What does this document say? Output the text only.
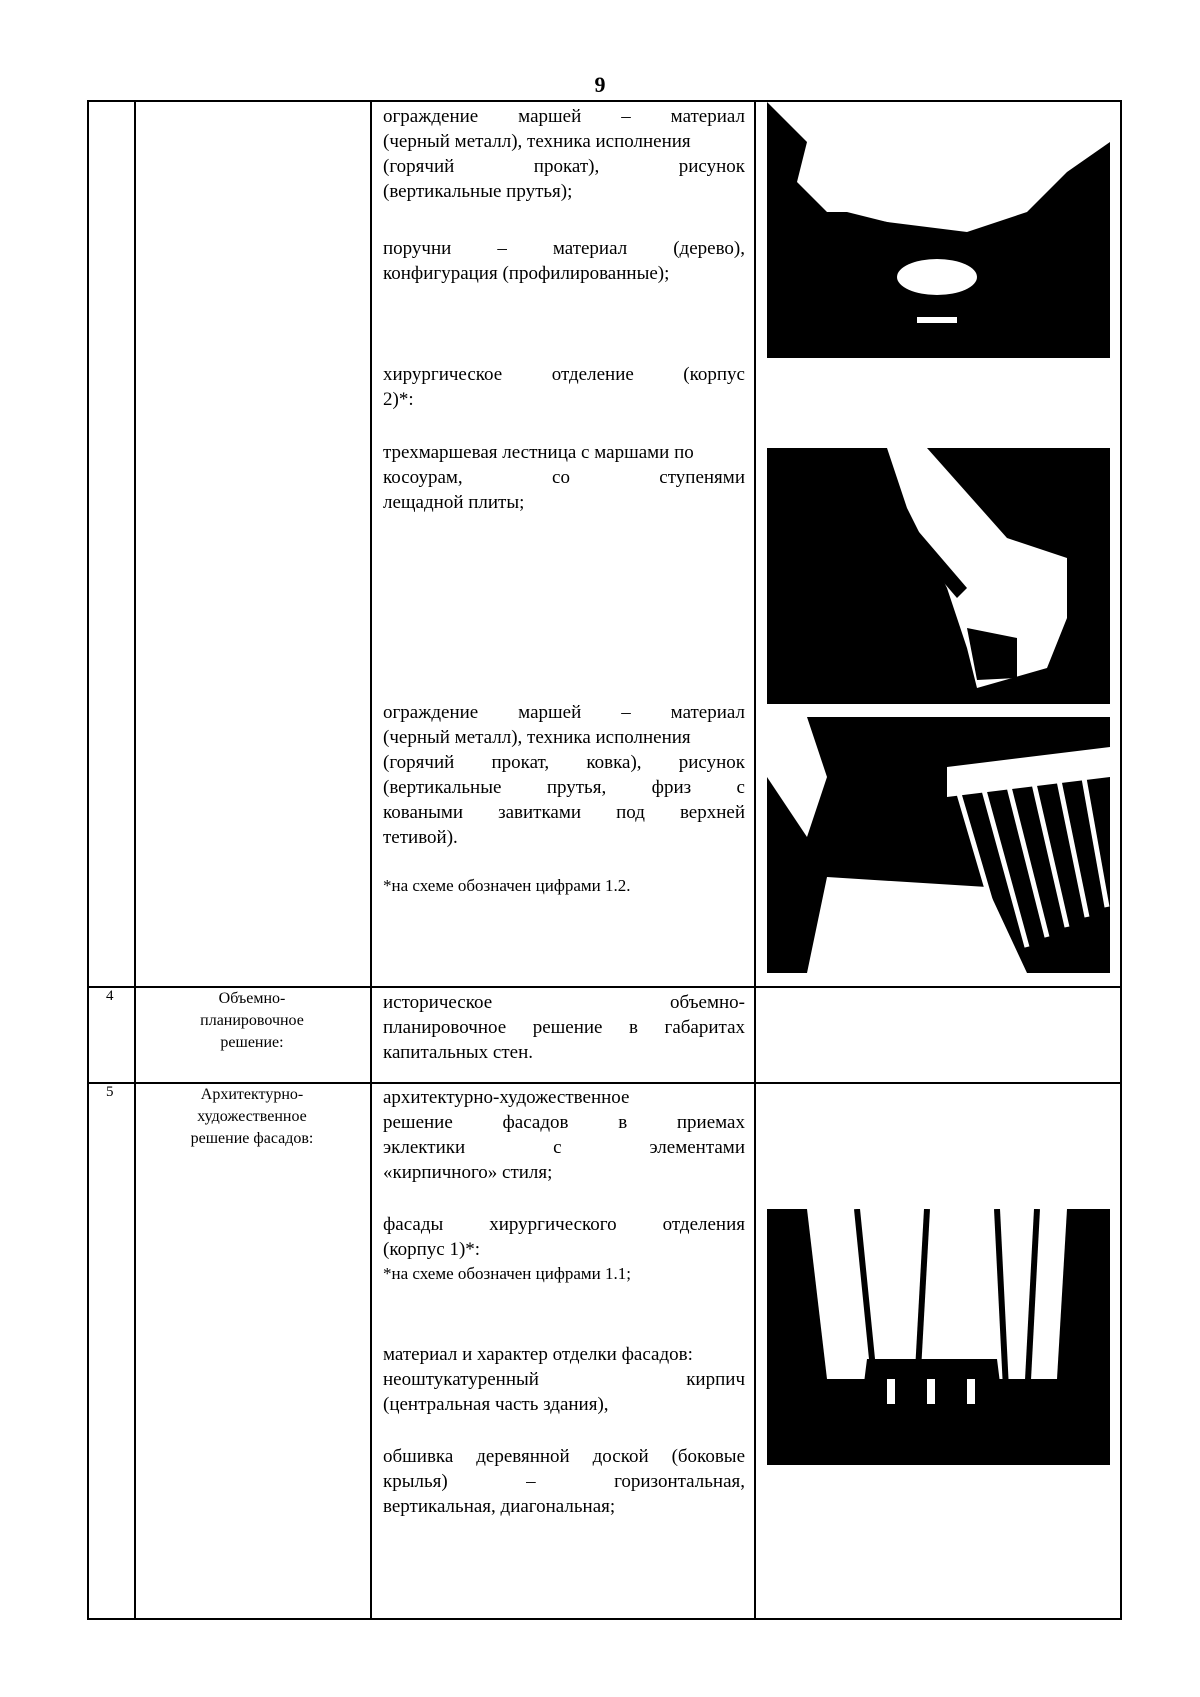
9
4	Объемно-
планировочное
решение:
5	Архитектурно-
художественное
решение фасадов:
ограждение маршей – материал
(черный металл), техника исполнения
(горячий прокат), рисунок
(вертикальные прутья);
поручни – материал (дерево),
конфигурация (профилированные);
хирургическое отделение (корпус
2)*:
трехмаршевая лестница с маршами по
косоурам, со ступенями
лещадной плиты;
ограждение маршей – материал
(черный металл), техника исполнения
(горячий прокат, ковка), рисунок
(вертикальные прутья, фриз с
коваными завитками под верхней
тетивой).
*на схеме обозначен цифрами 1.2.
историческое объемно-
планировочное решение в габаритах
капитальных стен.
архитектурно-художественное
решение фасадов в приемах
эклектики с элементами
«кирпичного» стиля;
фасады хирургического отделения
(корпус 1)*:
*на схеме обозначен цифрами 1.1;
материал и характер отделки фасадов:
неоштукатуренный кирпич
(центральная часть здания),
обшивка деревянной доской (боковые
крылья) – горизонтальная,
вертикальная, диагональная;
